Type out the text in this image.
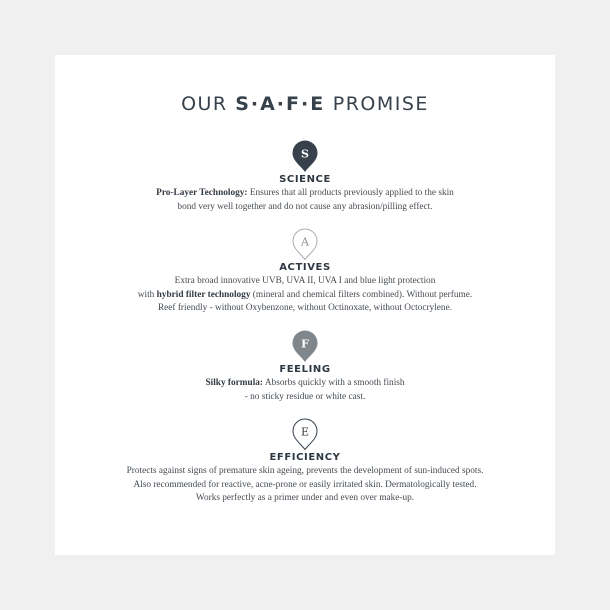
OUR S·A·F·E PROMISE
S
SCIENCE
Pro-Layer Technology: Ensures that all products previously applied to the skin
bond very well together and do not cause any abrasion/pilling effect.
A
ACTIVES
Extra broad innovative UVB, UVA II, UVA I and blue light protection
with hybrid filter technology (mineral and chemical filters combined). Without perfume.
Reef friendly - without Oxybenzone, without Octinoxate, without Octocrylene.
F
FEELING
Silky formula: Absorbs quickly with a smooth finish
- no sticky residue or white cast.
E
EFFICIENCY
Protects against signs of premature skin ageing, prevents the development of sun-induced spots.
Also recommended for reactive, acne-prone or easily irritated skin. Dermatologically tested.
Works perfectly as a primer under and even over make-up.
